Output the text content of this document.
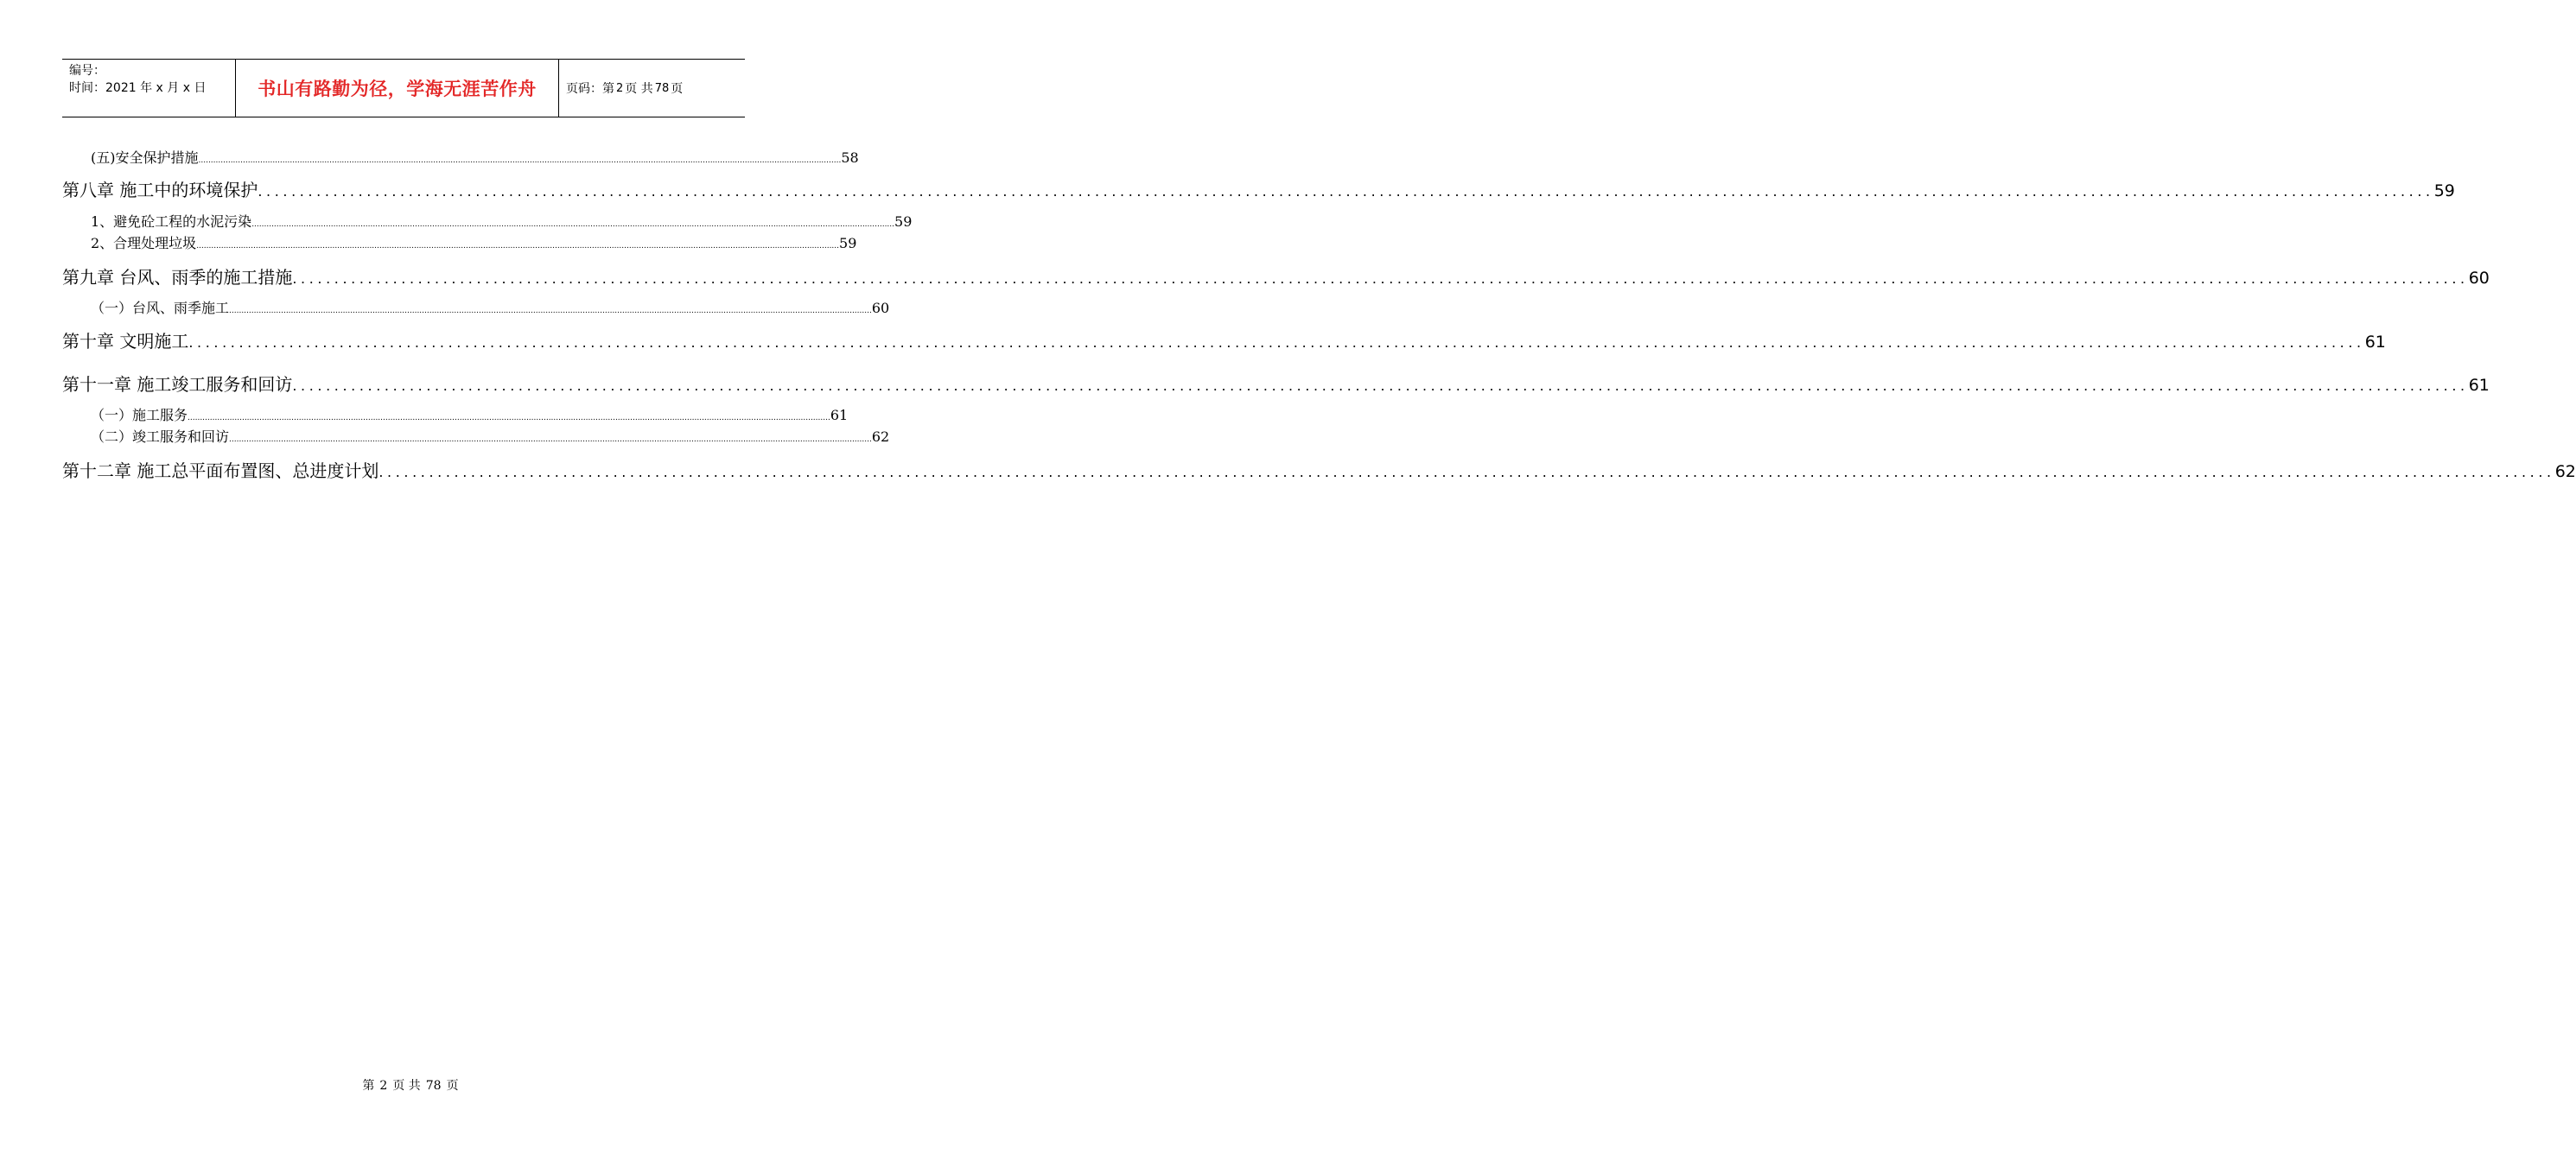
编号：
时间：2021 年 x 月 x 日	书山有路勤为径，学海无涯苦作舟 页码：第 2 页 共 78 页
(五)安全保护措施 .................................................................................................................................................................................................................................................................... 58
第八章 施工中的环境保护 .................................................................................................................................................................................................................................................................... 59
1、避免砼工程的水泥污染 .................................................................................................................................................................................................................................................................... 59
2、合理处理垃圾 .................................................................................................................................................................................................................................................................... 59
第九章 台风、雨季的施工措施 .................................................................................................................................................................................................................................................................... 60
（一）台风、雨季施工 .................................................................................................................................................................................................................................................................... 60
第十章 文明施工 .................................................................................................................................................................................................................................................................... 61
第十一章 施工竣工服务和回访 .................................................................................................................................................................................................................................................................... 61
（一）施工服务 .................................................................................................................................................................................................................................................................... 61
（二）竣工服务和回访 .................................................................................................................................................................................................................................................................... 62
第十二章 施工总平面布置图、总进度计划 .................................................................................................................................................................................................................................................................... 62
第 2 页 共 78 页
